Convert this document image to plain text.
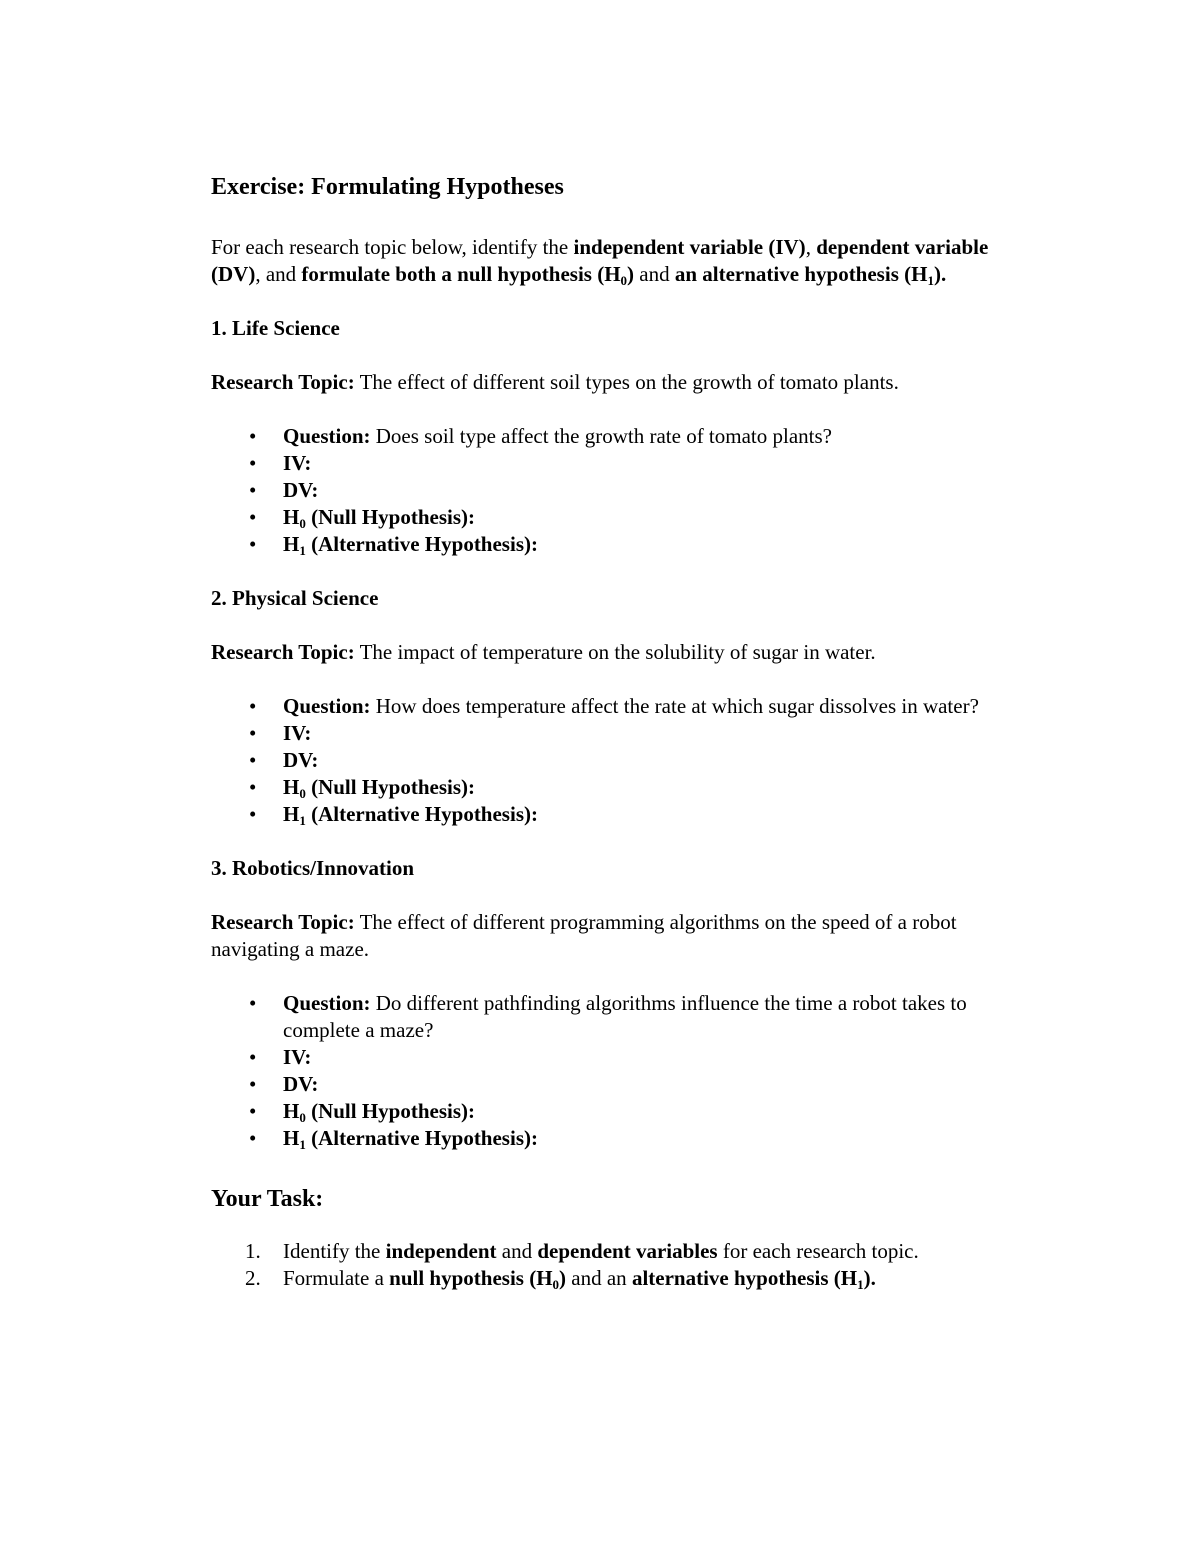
Exercise: Formulating Hypotheses

For each research topic below, identify the independent variable (IV), dependent variable (DV), and formulate both a null hypothesis $(H_0)$ and an alternative hypothesis $(H_1)$.

1. Life Science

Research Topic: The effect of different soil types on the growth of tomato plants.

• Question: Does soil type affect the growth rate of tomato plants?
• IV:
• DV:
• $H_0$ (Null Hypothesis):
• $H_1$ (Alternative Hypothesis):
2. Physical Science

Research Topic: The impact of temperature on the solubility of sugar in water.

• Question: How does temperature affect the rate at which sugar dissolves in water?
• IV:
• DV:
• $H_0$ (Null Hypothesis):
• $H_1$ (Alternative Hypothesis):
3. Robotics/Innovation

Research Topic: The effect of different programming algorithms on the speed of a robot navigating a maze.

• Question: Do different pathfinding algorithms influence the time a robot takes to complete a maze?
• IV:
• DV:
• $H_0$ (Null Hypothesis):
• $H_1$ (Alternative Hypothesis):
Your Task:
1. Identify the independent and dependent variables for each research topic.
2. Formulate a null hypothesis $(H_0)$ and an alternative hypothesis $(H_1)$.
